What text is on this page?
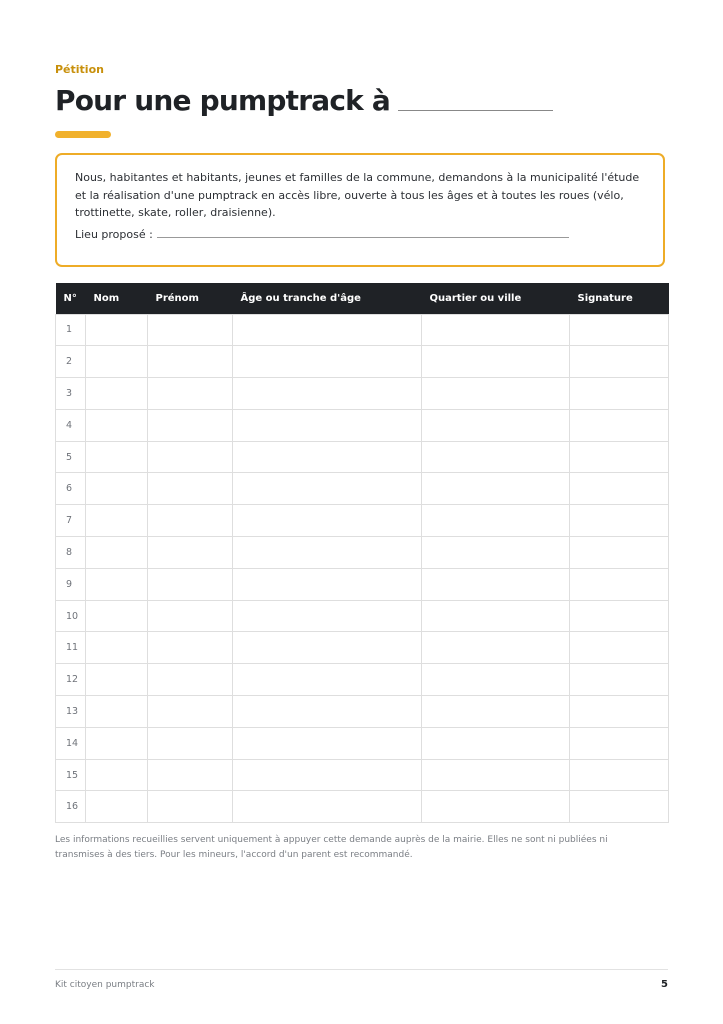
Pétition
Pour une pumptrack à

Nous, habitantes et habitants, jeunes et familles de la commune, demandons à la municipalité l'étude et la réalisation d'une pumptrack en accès libre, ouverte à tous les âges et à toutes les roues (vélo, trottinette, skate, roller, draisienne).

Lieu proposé :
N°	Nom	Prénom	Âge ou tranche d'âge	Quartier ou ville	Signature
1					
2					
3					
4					
5					
6					
7					
8					
9					
10					
11					
12					
13					
14					
15					
16					

Les informations recueillies servent uniquement à appuyer cette demande auprès de la mairie. Elles ne sont ni publiées ni transmises à des tiers. Pour les mineurs, l'accord d'un parent est recommandé.

Kit citoyen pumptrack	5
